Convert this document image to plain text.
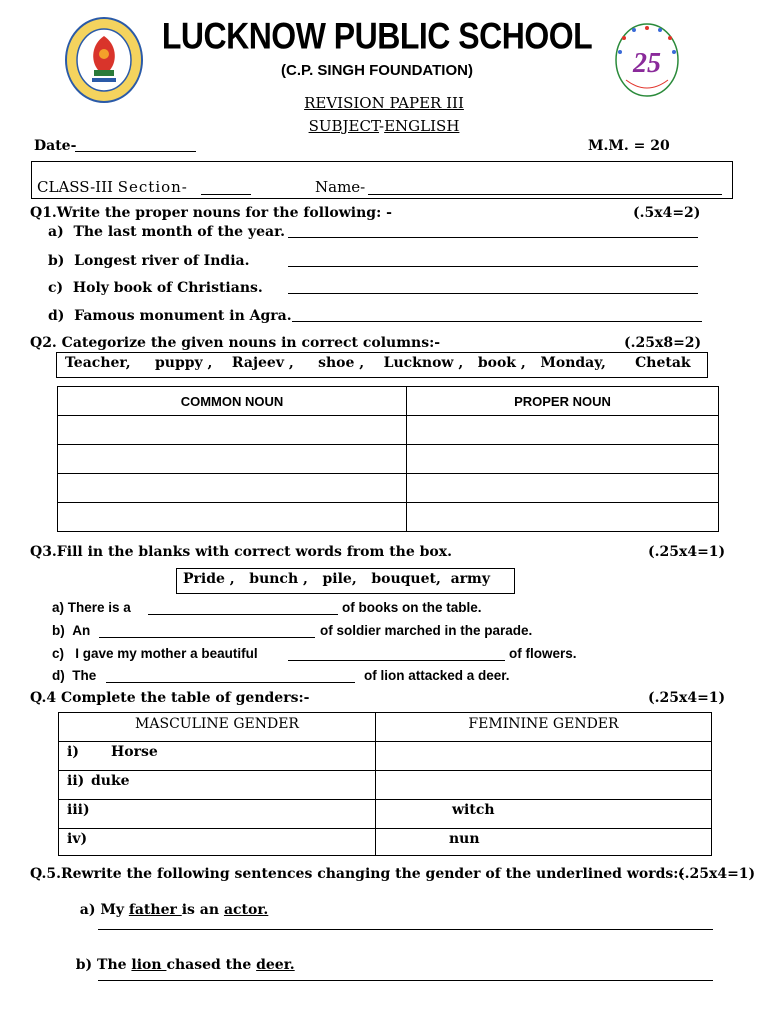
LUCKNOW PUBLIC SCHOOL
(C.P. SINGH FOUNDATION)	25
REVISION PAPER III
SUBJECT-ENGLISH
Date-	M.M. = 20
CLASS-III Section-	Name-
Q1.Write the proper nouns for the following: -	(.5x4=2)
a) The last month of the year.
b) Longest river of India.
c) Holy book of Christians.
d) Famous monument in Agra.
Q2. Categorize the given nouns in correct columns:-	(.25x8=2)
Teacher,     puppy ,    Rajeev ,     shoe ,    Lucknow ,   book ,   Monday,      Chetak
COMMON NOUN	PROPER NOUN

Q3.Fill in the blanks with correct words from the box.	(.25x4=1)
Pride ,   bunch ,   pile,   bouquet,  army
a) There is a	of books on the table.
b) An	of soldier marched in the parade.
c) I gave my mother a beautiful	of flowers.
d) The	of lion attacked a deer.
Q.4 Complete the table of genders:-	(.25x4=1)
MASCULINE GENDER	FEMININE GENDER
i) Horse	
ii) duke	
iii)	witch
iv)	nun
Q.5.Rewrite the following sentences changing the gender of the underlined words:-
(.25x4=1)

a) My father is an actor.

b) The lion chased the deer.
